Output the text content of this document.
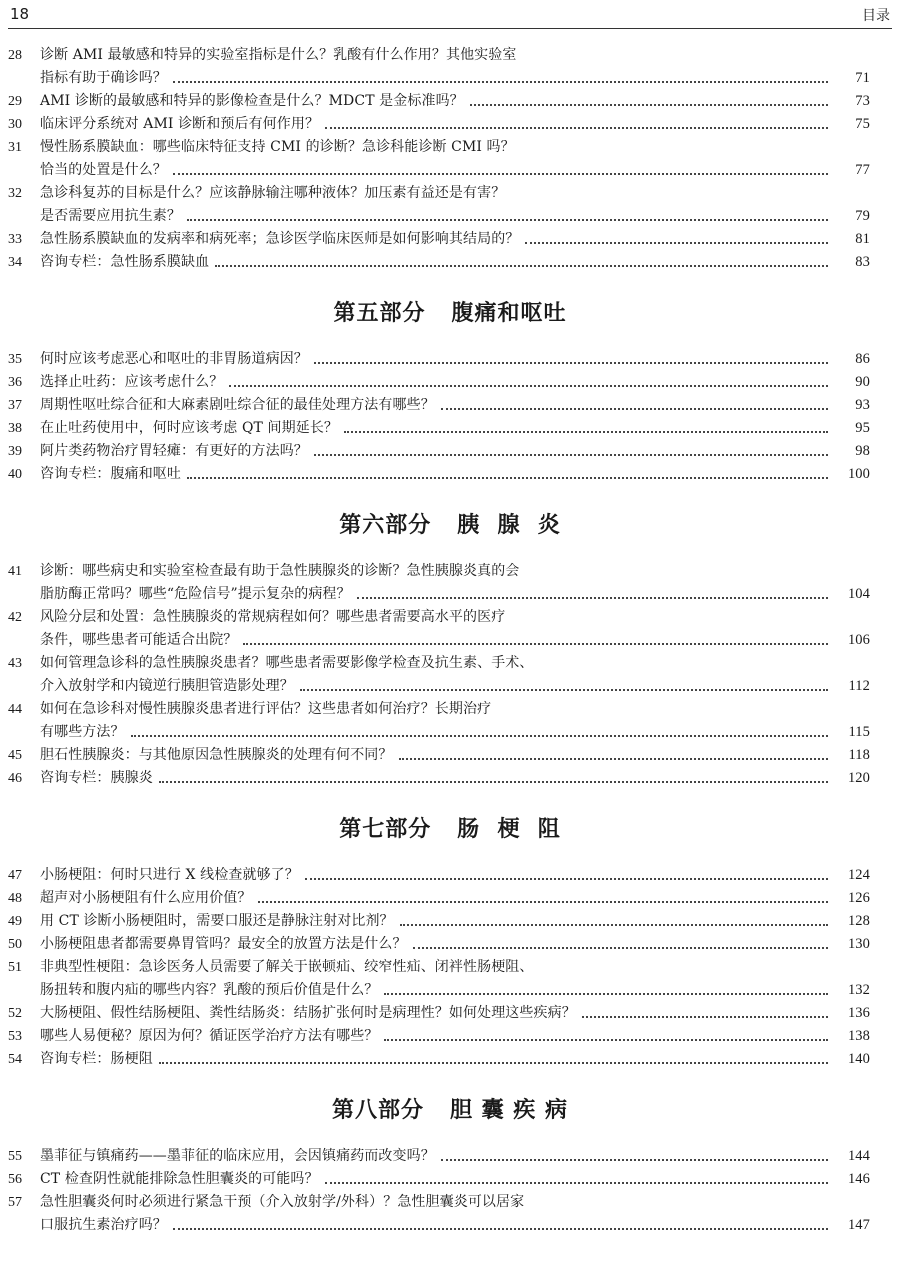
18	目录
28	诊断 AMI 最敏感和特异的实验室指标是什么？乳酸有什么作用？其他实验室
指标有助于确诊吗？	71
29	AMI 诊断的最敏感和特异的影像检查是什么？MDCT 是金标准吗？	73
30	临床评分系统对 AMI 诊断和预后有何作用？	75
31	慢性肠系膜缺血：哪些临床特征支持 CMI 的诊断？急诊科能诊断 CMI 吗？
恰当的处置是什么？	77
32	急诊科复苏的目标是什么？应该静脉输注哪种液体？加压素有益还是有害？
是否需要应用抗生素？	79
33	急性肠系膜缺血的发病率和病死率；急诊医学临床医师是如何影响其结局的？	81
34	咨询专栏：急性肠系膜缺血	83
第五部分   腹痛和呕吐
35	何时应该考虑恶心和呕吐的非胃肠道病因？	86
36	选择止吐药：应该考虑什么？	90
37	周期性呕吐综合征和大麻素剧吐综合征的最佳处理方法有哪些？	93
38	在止吐药使用中，何时应该考虑 QT 间期延长？	95
39	阿片类药物治疗胃轻瘫：有更好的方法吗？	98
40	咨询专栏：腹痛和呕吐	100
第六部分   胰  腺  炎
41	诊断：哪些病史和实验室检查最有助于急性胰腺炎的诊断？急性胰腺炎真的会
脂肪酶正常吗？哪些“危险信号”提示复杂的病程？	104
42	风险分层和处置：急性胰腺炎的常规病程如何？哪些患者需要高水平的医疗
条件，哪些患者可能适合出院？	106
43	如何管理急诊科的急性胰腺炎患者？哪些患者需要影像学检查及抗生素、手术、
介入放射学和内镜逆行胰胆管造影处理？	112
44	如何在急诊科对慢性胰腺炎患者进行评估？这些患者如何治疗？长期治疗
有哪些方法？	115
45	胆石性胰腺炎：与其他原因急性胰腺炎的处理有何不同？	118
46	咨询专栏：胰腺炎	120
第七部分   肠  梗  阻
47	小肠梗阻：何时只进行 X 线检查就够了？	124
48	超声对小肠梗阻有什么应用价值？	126
49	用 CT 诊断小肠梗阻时，需要口服还是静脉注射对比剂？	128
50	小肠梗阻患者都需要鼻胃管吗？最安全的放置方法是什么？	130
51	非典型性梗阻：急诊医务人员需要了解关于嵌顿疝、绞窄性疝、闭袢性肠梗阻、
肠扭转和腹内疝的哪些内容？乳酸的预后价值是什么？	132
52	大肠梗阻、假性结肠梗阻、粪性结肠炎：结肠扩张何时是病理性？如何处理这些疾病？	136
53	哪些人易便秘？原因为何？循证医学治疗方法有哪些？	138
54	咨询专栏：肠梗阻	140
第八部分   胆 囊 疾 病
55	墨菲征与镇痛药——墨菲征的临床应用，会因镇痛药而改变吗？	144
56	CT 检查阴性就能排除急性胆囊炎的可能吗？	146
57	急性胆囊炎何时必须进行紧急干预（介入放射学/外科）？急性胆囊炎可以居家
口服抗生素治疗吗？	147
